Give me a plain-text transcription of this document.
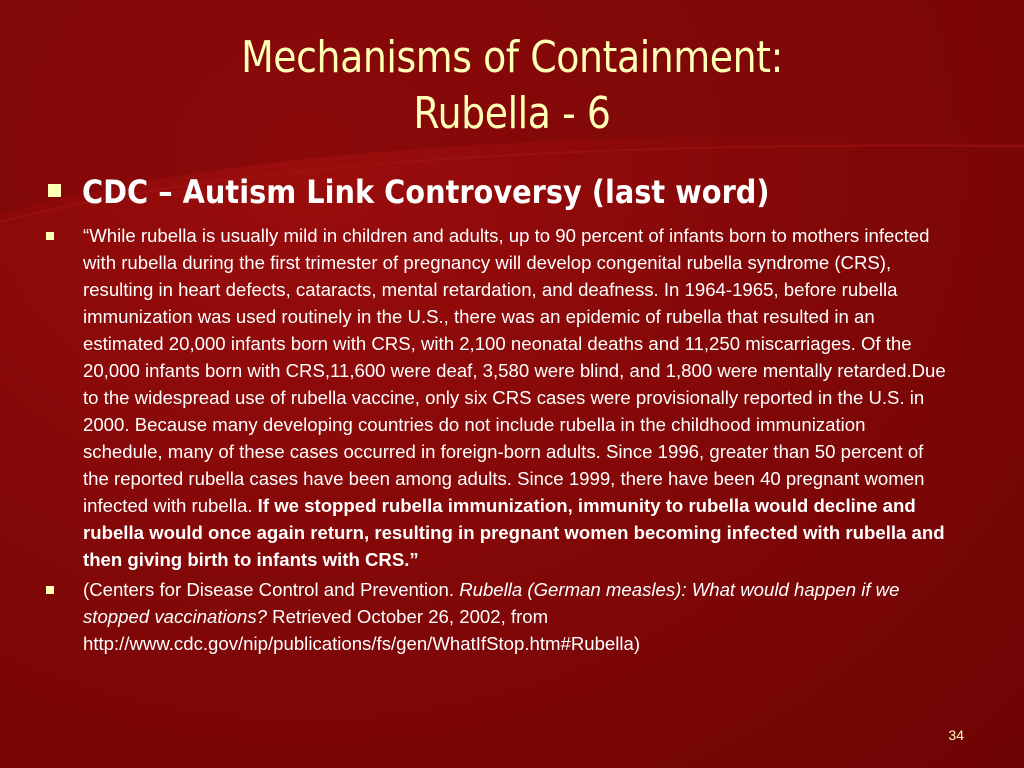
Mechanisms of Containment:
Rubella - 6
CDC – Autism Link Controversy (last word)
“While rubella is usually mild in children and adults, up to 90 percent of infants born to mothers infected with rubella during the first trimester of pregnancy will develop congenital rubella syndrome (CRS), resulting in heart defects, cataracts, mental retardation, and deafness. In 1964-1965, before rubella immunization was used routinely in the U.S., there was an epidemic of rubella that resulted in an estimated 20,000 infants born with CRS, with 2,100 neonatal deaths and 11,250 miscarriages. Of the 20,000 infants born with CRS,11,600 were deaf, 3,580 were blind, and 1,800 were mentally retarded.Due to the widespread use of rubella vaccine, only six CRS cases were provisionally reported in the U.S. in 2000. Because many developing countries do not include rubella in the childhood immunization schedule, many of these cases occurred in foreign-born adults. Since 1996, greater than 50 percent of the reported rubella cases have been among adults. Since 1999, there have been 40 pregnant women infected with rubella. If we stopped rubella immunization, immunity to rubella would decline and rubella would once again return, resulting in pregnant women becoming infected with rubella and then giving birth to infants with CRS.”
(Centers for Disease Control and Prevention. Rubella (German measles): What would happen if we stopped vaccinations? Retrieved October 26, 2002, from http://www.cdc.gov/nip/publications/fs/gen/WhatIfStop.htm#Rubella)
34
